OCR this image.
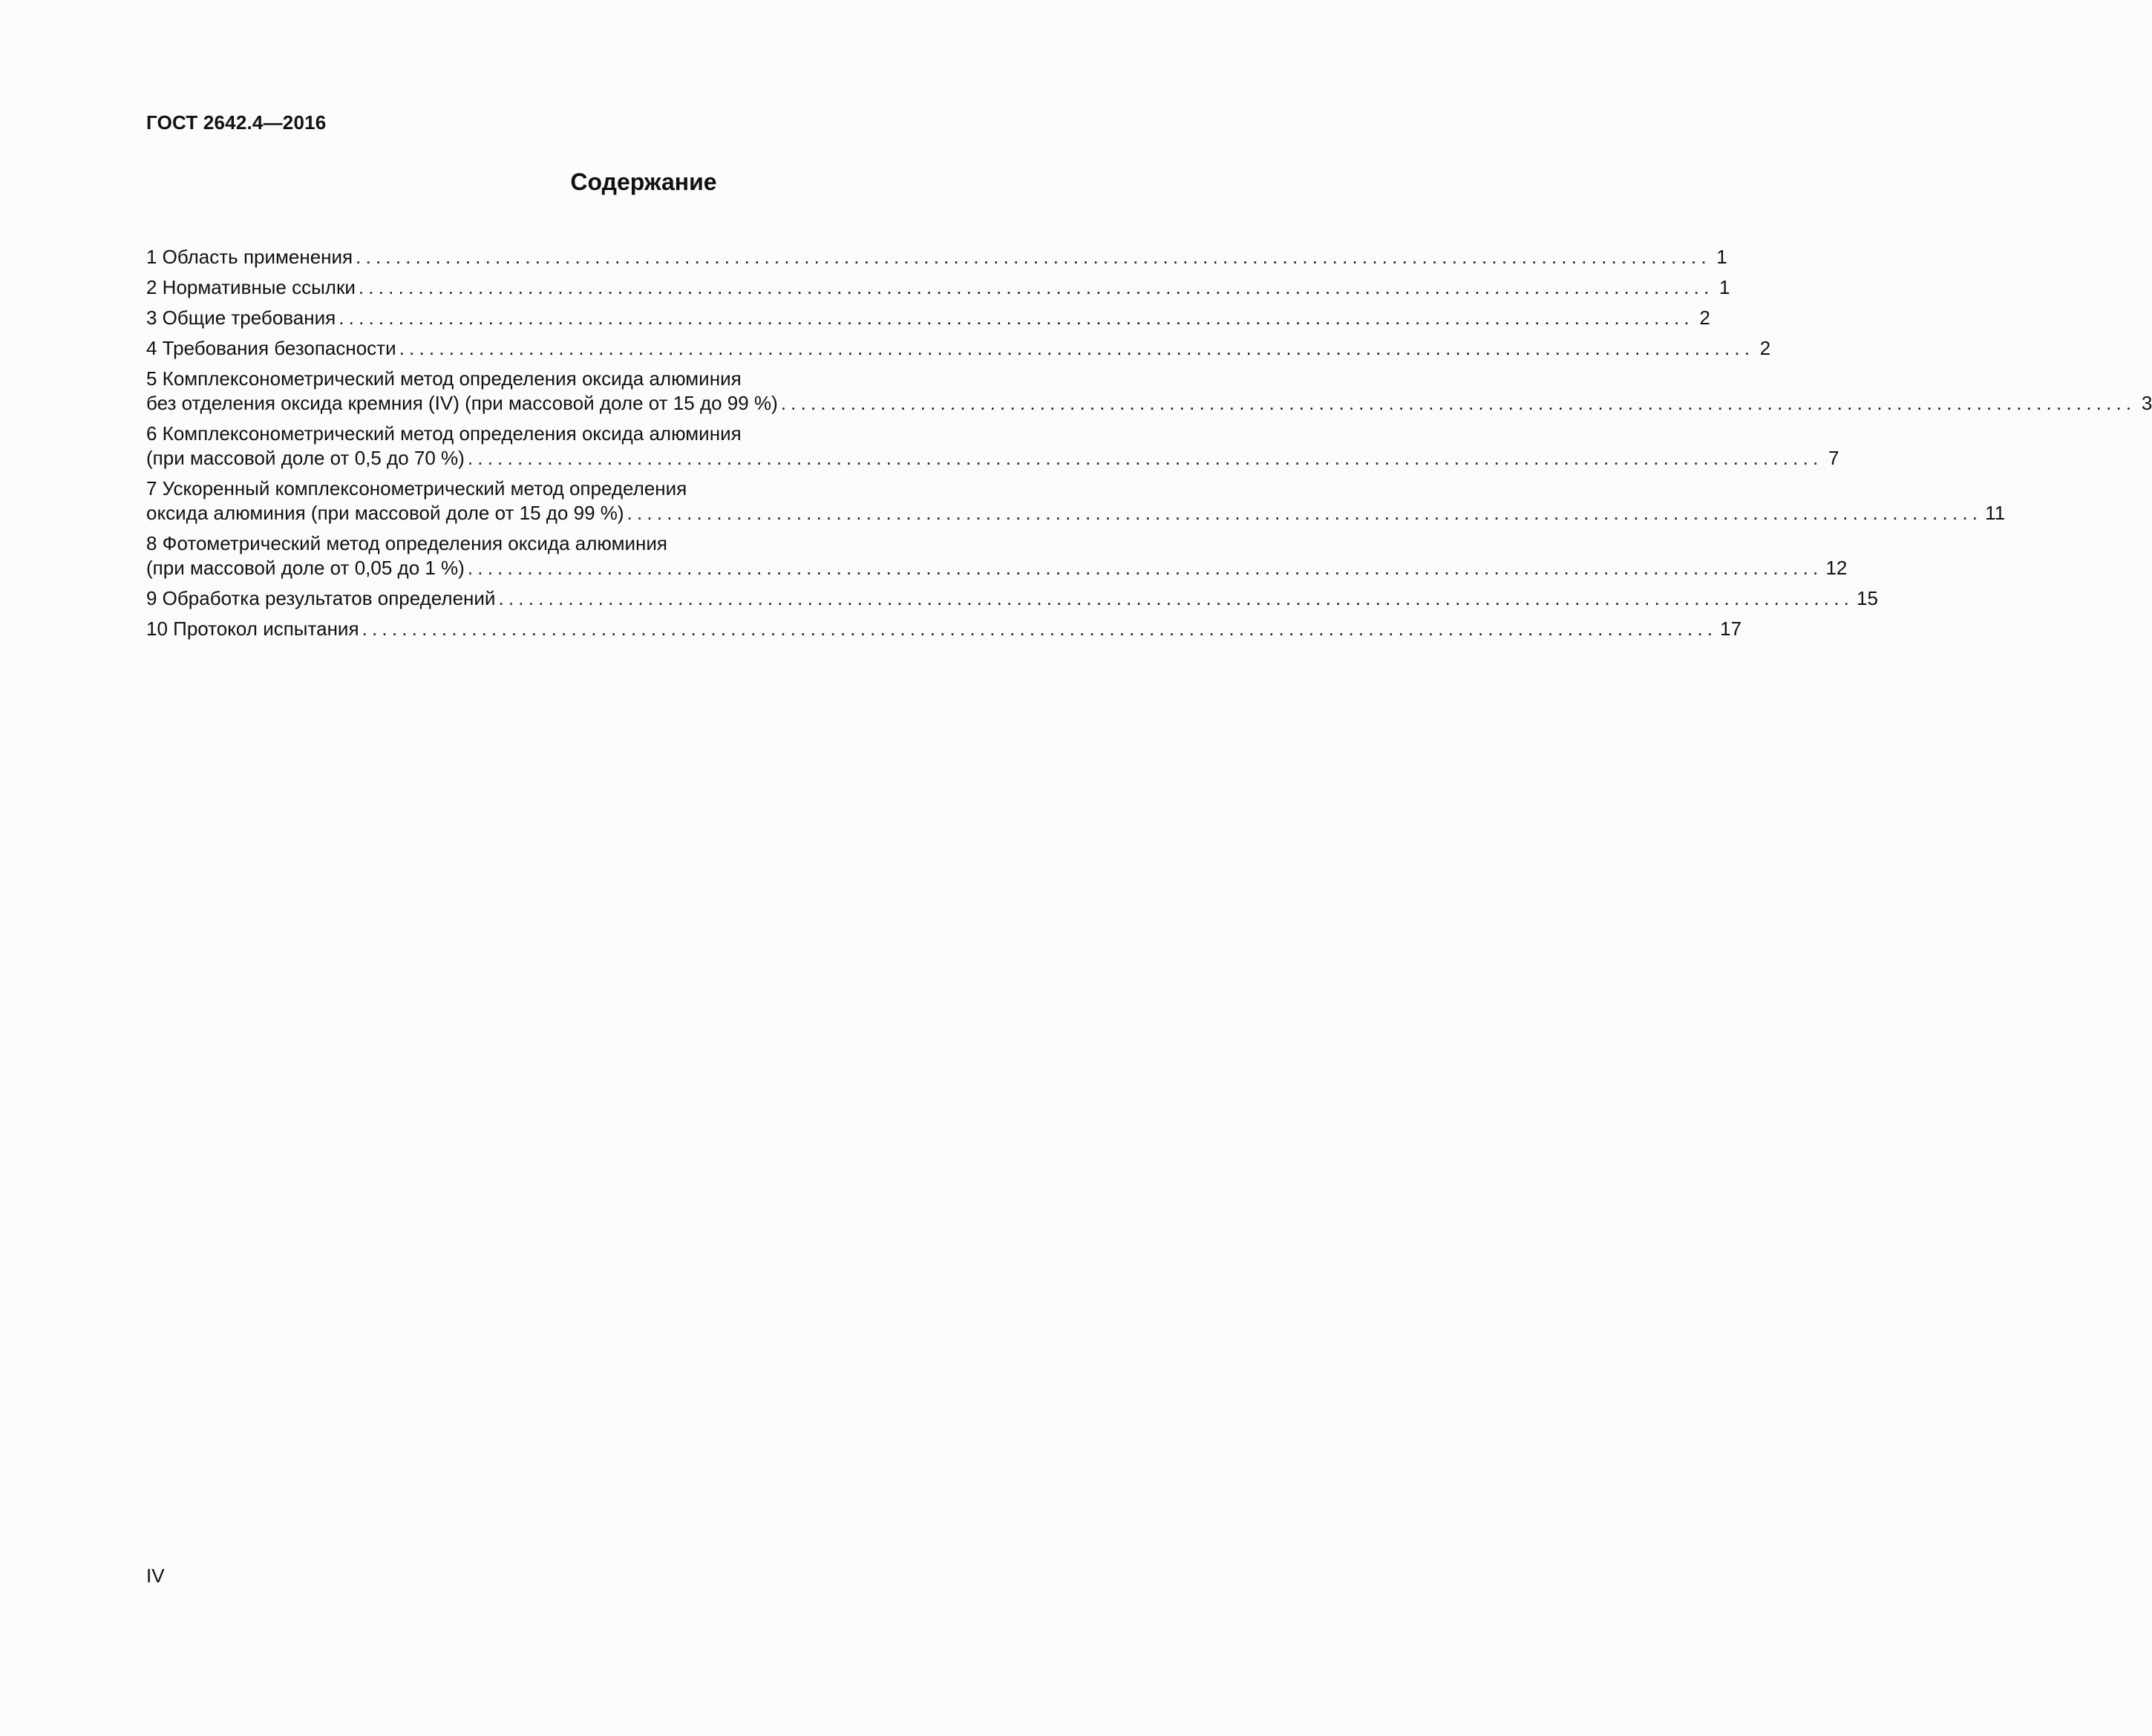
ГОСТ 2642.4—2016
Содержание
1 Область применения ........................................................................................................................................ 1
2 Нормативные ссылки ........................................................................................................................................ 1
3 Общие требования ........................................................................................................................................ 2
4 Требования безопасности ........................................................................................................................................ 2
5 Комплексонометрический метод определения оксида алюминия
без отделения оксида кремния (IV) (при массовой доле от 15 до 99 %) ........................................................................................................................................ 3
6 Комплексонометрический метод определения оксида алюминия
(при массовой доле от 0,5 до 70 %) ........................................................................................................................................ 7
7 Ускоренный комплексонометрический метод определения
оксида алюминия (при массовой доле от 15 до 99 %) ........................................................................................................................................ 11
8 Фотометрический метод определения оксида алюминия
(при массовой доле от 0,05 до 1 %) ........................................................................................................................................ 12
9 Обработка результатов определений ........................................................................................................................................ 15
10 Протокол испытания ........................................................................................................................................ 17
IV
